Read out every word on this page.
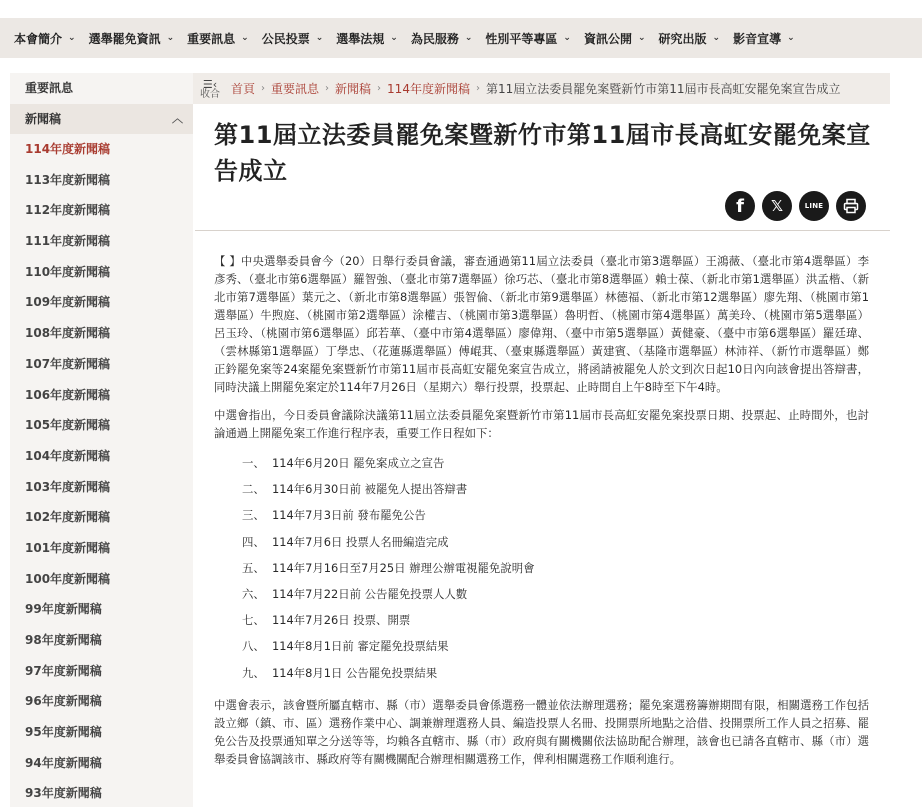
本會簡介 ⌄ 選舉罷免資訊 ⌄ 重要訊息 ⌄ 公民投票 ⌄ 選舉法規 ⌄ 為民服務 ⌄ 性別平等專區 ⌄ 資訊公開 ⌄ 研究出版 ⌄ 影音宣導 ⌄
重要訊息
新聞稿	︿
114年度新聞稿
113年度新聞稿
112年度新聞稿
111年度新聞稿
110年度新聞稿
109年度新聞稿
108年度新聞稿
107年度新聞稿
106年度新聞稿
105年度新聞稿
104年度新聞稿
103年度新聞稿
102年度新聞稿
101年度新聞稿
100年度新聞稿
99年度新聞稿
98年度新聞稿
97年度新聞稿
96年度新聞稿
95年度新聞稿
94年度新聞稿
93年度新聞稿
☰‹
收合 首頁 › 重要訊息 › 新聞稿 › 114年度新聞稿 › 第11屆立法委員罷免案暨新竹市第11屆市長高虹安罷免案宣告成立
第11屆立法委員罷免案暨新竹市第11屆市長高虹安罷免案宣告成立
f 𝕏	LINE

【 】中央選舉委員會今（20）日舉行委員會議，審查通過第11屆立法委員（臺北市第3選舉區）王鴻薇、（臺北市第4選舉區）李彥秀、（臺北市第6選舉區）羅智強、（臺北市第7選舉區）徐巧芯、（臺北市第8選舉區）賴士葆、（新北市第1選舉區）洪孟楷、（新北市第7選舉區）葉元之、（新北市第8選舉區）張智倫、（新北市第9選舉區）林德福、（新北市第12選舉區）廖先翔、（桃園市第1選舉區）牛煦庭、（桃園市第2選舉區）涂權吉、（桃園市第3選舉區）魯明哲、（桃園市第4選舉區）萬美玲、（桃園市第5選舉區）呂玉玲、（桃園市第6選舉區）邱若華、（臺中市第4選舉區）廖偉翔、（臺中市第5選舉區）黃健豪、（臺中市第6選舉區）羅廷瑋、（雲林縣第1選舉區）丁學忠、（花蓮縣選舉區）傅崐萁、（臺東縣選舉區）黃建賓、（基隆市選舉區）林沛祥、（新竹市選舉區）鄭正鈐罷免案等24案罷免案暨新竹市第11屆市長高虹安罷免案宣告成立，將函請被罷免人於文到次日起10日內向該會提出答辯書，同時決議上開罷免案定於114年7月26日（星期六）舉行投票，投票起、止時間自上午8時至下午4時。

中選會指出，今日委員會議除決議第11屆立法委員罷免案暨新竹市第11屆市長高虹安罷免案投票日期、投票起、止時間外，也討論通過上開罷免案工作進行程序表，重要工作日程如下：

一、 114年6月20日 罷免案成立之宣告
二、 114年6月30日前 被罷免人提出答辯書
三、 114年7月3日前 發布罷免公告
四、 114年7月6日 投票人名冊編造完成
五、 114年7月16日至7月25日 辦理公辦電視罷免說明會
六、 114年7月22日前 公告罷免投票人人數
七、 114年7月26日 投票、開票
八、 114年8月1日前 審定罷免投票結果
九、 114年8月1日 公告罷免投票結果

中選會表示，該會暨所屬直轄市、縣（市）選舉委員會係選務一體並依法辦理選務；罷免案選務籌辦期間有限，相關選務工作包括設立鄉（鎮、市、區）選務作業中心、調兼辦理選務人員、編造投票人名冊、投開票所地點之洽借、投開票所工作人員之招募、罷免公告及投票通知單之分送等等，均賴各直轄市、縣（市）政府與有關機關依法協助配合辦理，該會也已請各直轄市、縣（市）選舉委員會協調該市、縣政府等有關機關配合辦理相關選務工作，俾利相關選務工作順利進行。
